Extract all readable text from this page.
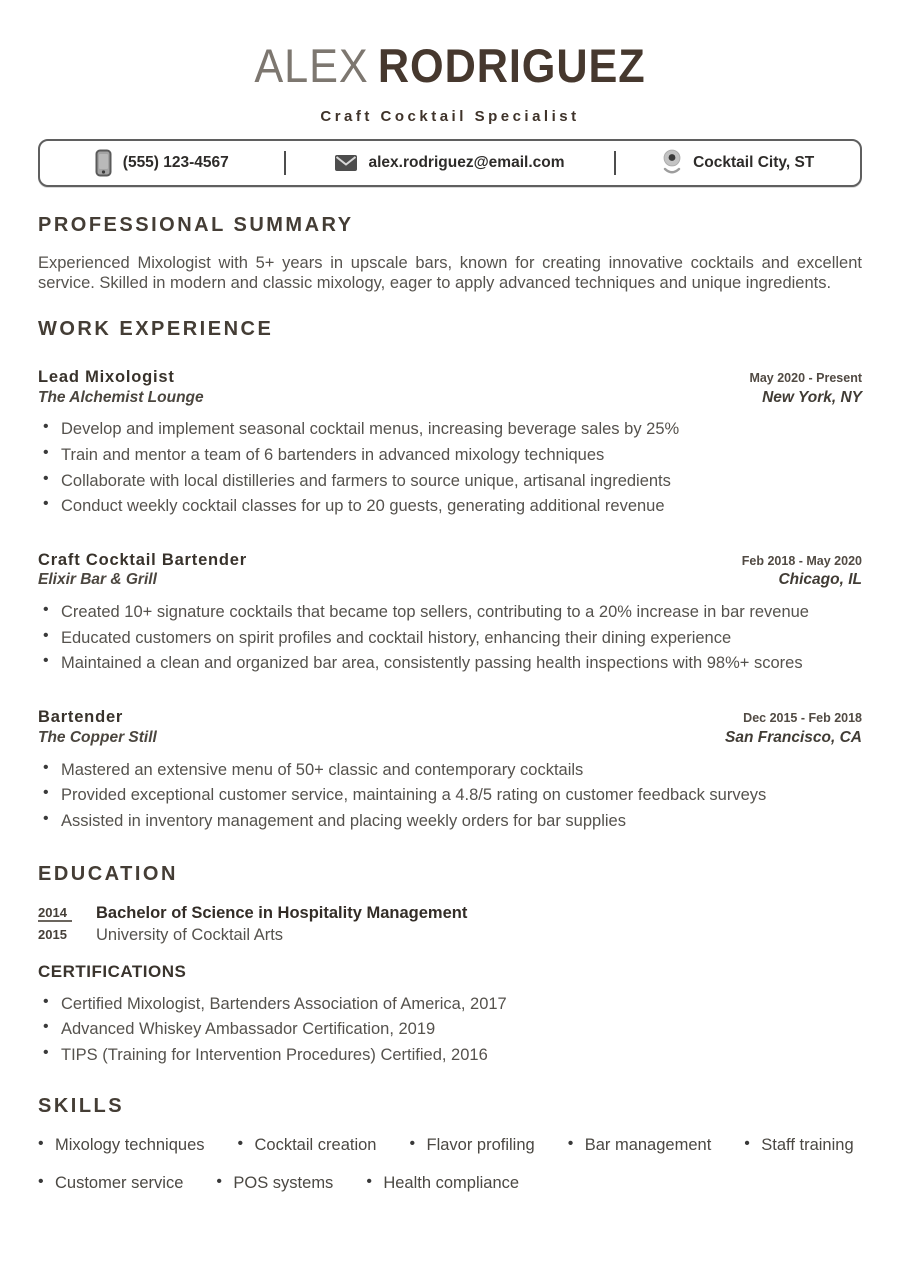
ALEX RODRIGUEZ
Craft Cocktail Specialist
(555) 123-4567	alex.rodriguez@email.com	Cocktail City, ST
PROFESSIONAL SUMMARY

Experienced Mixologist with 5+ years in upscale bars, known for creating innovative cocktails and excellent service. Skilled in modern and classic mixology, eager to apply advanced techniques and unique ingredients.

WORK EXPERIENCE
Lead Mixologist	May 2020 - Present
The Alchemist Lounge	New York, NY
• Develop and implement seasonal cocktail menus, increasing beverage sales by 25%
• Train and mentor a team of 6 bartenders in advanced mixology techniques
• Collaborate with local distilleries and farmers to source unique, artisanal ingredients
• Conduct weekly cocktail classes for up to 20 guests, generating additional revenue
Craft Cocktail Bartender	Feb 2018 - May 2020
Elixir Bar & Grill	Chicago, IL
• Created 10+ signature cocktails that became top sellers, contributing to a 20% increase in bar revenue
• Educated customers on spirit profiles and cocktail history, enhancing their dining experience
• Maintained a clean and organized bar area, consistently passing health inspections with 98%+ scores
Bartender	Dec 2015 - Feb 2018
The Copper Still	San Francisco, CA
• Mastered an extensive menu of 50+ classic and contemporary cocktails
• Provided exceptional customer service, maintaining a 4.8/5 rating on customer feedback surveys
• Assisted in inventory management and placing weekly orders for bar supplies
EDUCATION
2014	Bachelor of Science in Hospitality Management
2015	University of Cocktail Arts
CERTIFICATIONS
• Certified Mixologist, Bartenders Association of America, 2017
• Advanced Whiskey Ambassador Certification, 2019
• TIPS (Training for Intervention Procedures) Certified, 2016
SKILLS
• Mixology techniques	• Cocktail creation	• Flavor profiling	• Bar management	• Staff training
• Customer service	• POS systems	• Health compliance
